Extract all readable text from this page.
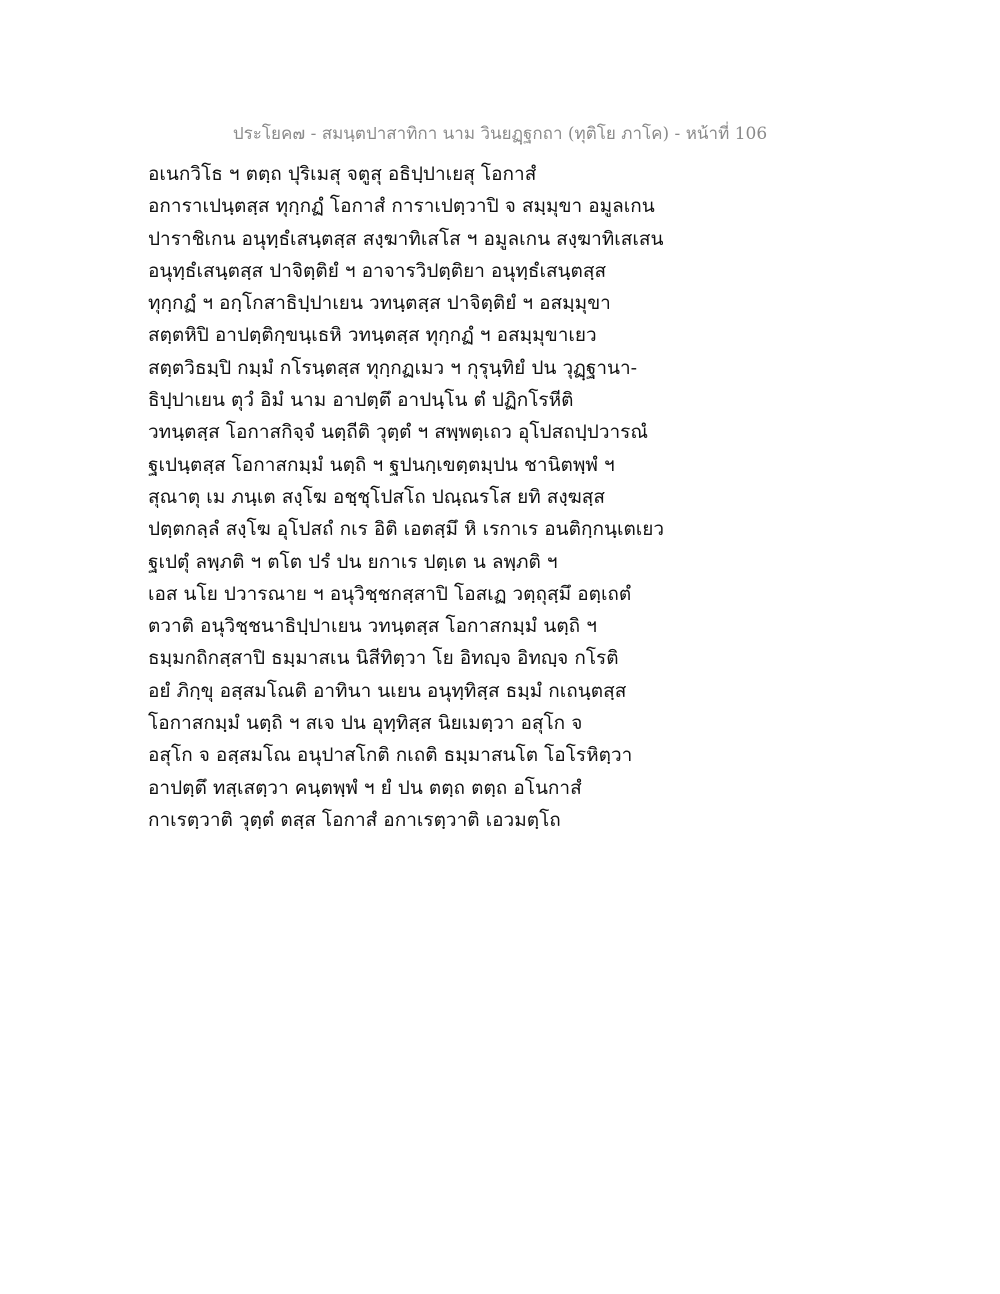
ประโยค๗ - สมนฺตปาสาทิกา นาม วินยฏฺฐกถา (ทุติโย ภาโค) - หน้าที่ 106
อเนกวิโธ ฯ ตตฺถ ปุริเมสุ จตูสุ อธิปฺปาเยสุ โอกาสํ
อการาเปนฺตสฺส ทุกฺกฏํ โอกาสํ การาเปตฺวาปิ จ สมฺมุขา อมูลเกน
ปาราชิเกน อนุทฺธํเสนฺตสฺส สงฺฆาทิเสโส ฯ อมูลเกน สงฺฆาทิเสเสน
อนุทฺธํเสนฺตสฺส ปาจิตฺติยํ ฯ อาจารวิปตฺติยา อนุทฺธํเสนฺตสฺส
ทุกฺกฏํ ฯ อกฺโกสาธิปฺปาเยน วทนฺตสฺส ปาจิตฺติยํ ฯ อสมฺมุขา
สตฺตหิปิ อาปตฺติกฺขนฺเธหิ วทนฺตสฺส ทุกฺกฏํ ฯ อสมฺมุขาเยว
สตฺตวิธมฺปิ กมฺมํ กโรนฺตสฺส ทุกฺกฏเมว ฯ กุรุนฺทิยํ ปน วุฏฺฐานา-
ธิปฺปาเยน ตุวํ อิมํ นาม อาปตฺตึ อาปนฺโน ตํ ปฏิกโรหีติ
วทนฺตสฺส โอกาสกิจฺจํ นตฺถีติ วุตฺตํ ฯ สพฺพตฺเถว อุโปสถปฺปวารณํ
ฐเปนฺตสฺส โอกาสกมฺมํ นตฺถิ ฯ ฐปนกฺเขตฺตมฺปน ชานิตพฺพํ ฯ
สุณาตุ เม ภนฺเต สงฺโฆ อชฺชุโปสโถ ปณฺณรโส ยทิ สงฺฆสฺส
ปตฺตกลฺลํ สงฺโฆ อุโปสถํ กเร อิติ เอตสฺมึ หิ เรกาเร อนติกฺกนฺเตเยว
ฐเปตุํ ลพฺภติ ฯ ตโต ปรํ ปน ยกาเร ปตฺเต น ลพฺภติ ฯ
เอส นโย ปวารณาย ฯ อนุวิชฺชกสฺสาปิ โอสเฏ วตฺถุสฺมึ อตฺเถตํ
ตวาติ อนุวิชฺชนาธิปฺปาเยน วทนฺตสฺส โอกาสกมฺมํ นตฺถิ ฯ
ธมฺมกถิกสฺสาปิ ธมฺมาสเน นิสีทิตฺวา โย อิทญฺจ อิทญฺจ กโรติ
อยํ ภิกฺขุ อสฺสมโณติ อาทินา นเยน อนุทฺทิสฺส ธมฺมํ กเถนฺตสฺส
โอกาสกมฺมํ นตฺถิ ฯ สเจ ปน อุทฺทิสฺส นิยเมตฺวา อสุโก จ
อสุโก จ อสฺสมโณ อนุปาสโกติ กเถติ ธมฺมาสนโต โอโรหิตฺวา
อาปตฺตึ ทสฺเสตฺวา คนฺตพฺพํ ฯ ยํ ปน ตตฺถ ตตฺถ อโนกาสํ
กาเรตฺวาติ วุตฺตํ ตสฺส โอกาสํ อกาเรตฺวาติ เอวมตฺโถ
